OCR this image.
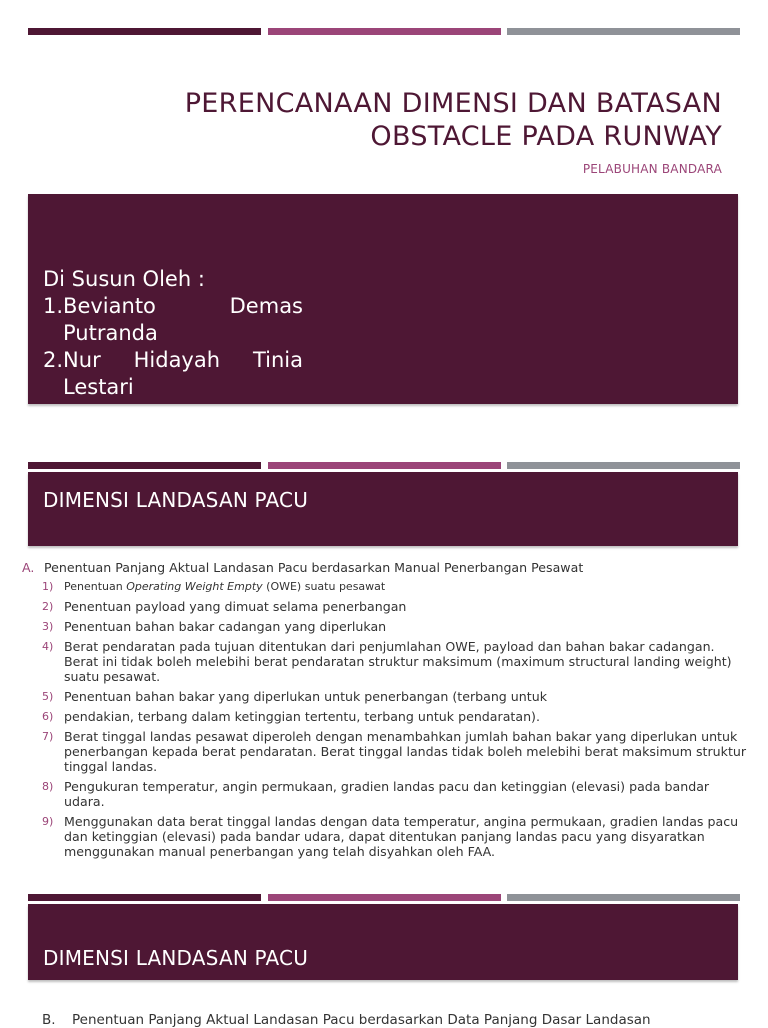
PERENCANAAN DIMENSI DAN BATASAN
OBSTACLE PADA RUNWAY
PELABUHAN BANDARA
Di Susun Oleh :
1.Bevianto	Demas
Putranda
2.Nur Hidayah Tinia
Lestari
DIMENSI LANDASAN PACU
A. Penentuan Panjang Aktual Landasan Pacu berdasarkan Manual Penerbangan Pesawat
1) Penentuan Operating Weight Empty (OWE) suatu pesawat
2) Penentuan payload yang dimuat selama penerbangan
3) Penentuan bahan bakar cadangan yang diperlukan
4) Berat pendaratan pada tujuan ditentukan dari penjumlahan OWE, payload dan bahan bakar cadangan. Berat ini tidak boleh melebihi berat pendaratan struktur maksimum (maximum structural landing weight) suatu pesawat.
5) Penentuan bahan bakar yang diperlukan untuk penerbangan (terbang untuk
6) pendakian, terbang dalam ketinggian tertentu, terbang untuk pendaratan).
7) Berat tinggal landas pesawat diperoleh dengan menambahkan jumlah bahan bakar yang diperlukan untuk penerbangan kepada berat pendaratan. Berat tinggal landas tidak boleh melebihi berat maksimum struktur tinggal landas.
8) Pengukuran temperatur, angin permukaan, gradien landas pacu dan ketinggian (elevasi) pada bandar udara.
9) Menggunakan data berat tinggal landas dengan data temperatur, angina permukaan, gradien landas pacu dan ketinggian (elevasi) pada bandar udara, dapat ditentukan panjang landas pacu yang disyaratkan menggunakan manual penerbangan yang telah disyahkan oleh FAA.
DIMENSI LANDASAN PACU
B. Penentuan Panjang Aktual Landasan Pacu berdasarkan Data Panjang Dasar Landasan
